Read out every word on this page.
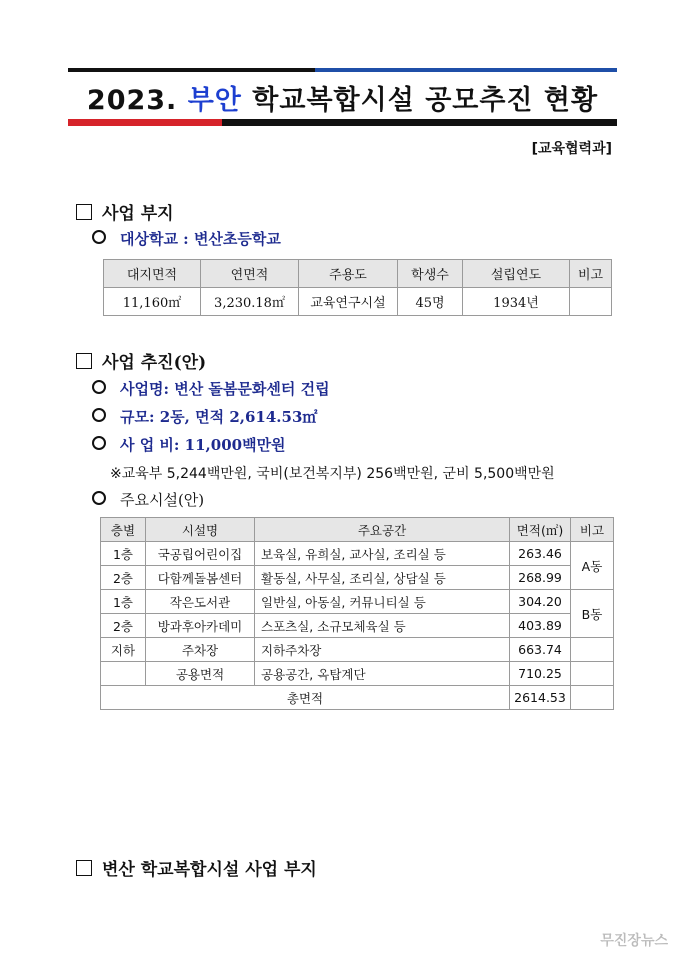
2023. 부안 학교복합시설 공모추진 현황
[교육협력과]
사업 부지
대상학교 : 변산초등학교
대지면적	연면적	주용도	학생수	설립연도	비고
11,160㎡	3,230.18㎡	교육연구시설	45명	1934년	
사업 추진(안)
사업명: 변산 돌봄문화센터 건립
규모: 2동, 면적 2,614.53㎡
사 업 비: 11,000백만원
※교육부 5,244백만원, 국비(보건복지부) 256백만원, 군비 5,500백만원
주요시설(안)
층별	시설명	주요공간	면적(㎡)	비고
1층	국공립어린이집	보육실, 유희실, 교사실, 조리실 등	263.46	A동
2층	다함께돌봄센터	활동실, 사무실, 조리실, 상담실 등	268.99	
1층	작은도서관	일반실, 아동실, 커뮤니티실 등	304.20	B동
2층	방과후아카데미	스포츠실, 소규모체육실 등	403.89	
지하	주차장	지하주차장	663.74	
	공용면적	공용공간, 옥탑계단	710.25	
총면적			2614.53	
변산 학교복합시설 사업 부지
무진장뉴스
